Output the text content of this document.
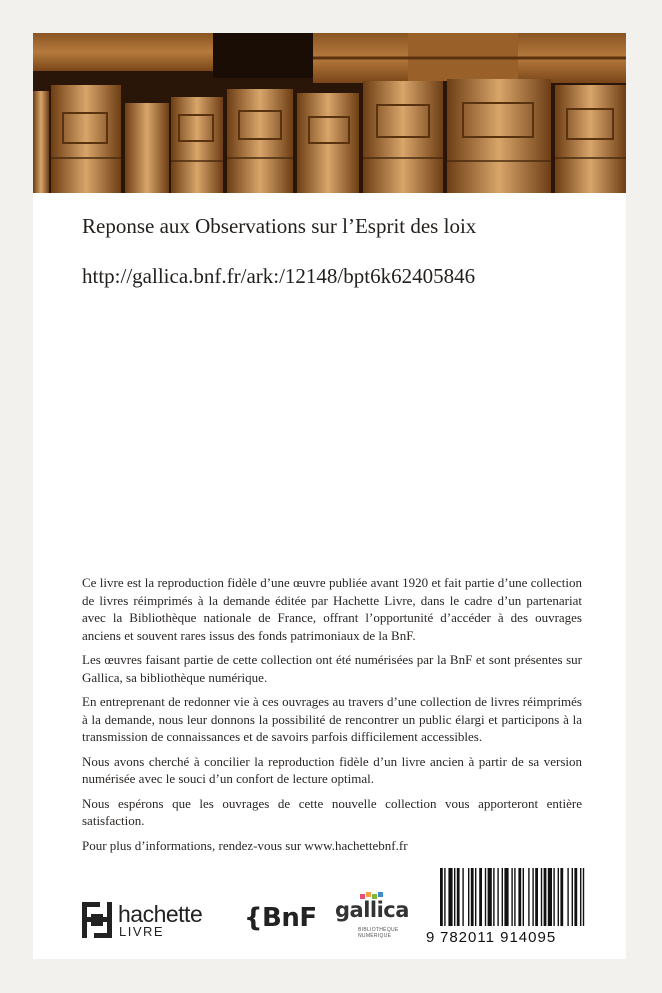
Reponse aux Observations sur l’Esprit des loix
http://gallica.bnf.fr/ark:/12148/bpt6k62405846

Ce livre est la reproduction fidèle d’une œuvre publiée avant 1920 et fait partie d’une collection de livres réimprimés à la demande éditée par Hachette Livre, dans le cadre d’un partenariat avec la Bibliothèque nationale de France, offrant l’opportunité d’accéder à des ouvrages anciens et souvent rares issus des fonds patrimoniaux de la BnF.

Les œuvres faisant partie de cette collection ont été numérisées par la BnF et sont présentes sur Gallica, sa bibliothèque numérique.

En entreprenant de redonner vie à ces ouvrages au travers d’une collection de livres réimprimés à la demande, nous leur donnons la possibilité de rencontrer un public élargi et participons à la transmission de connaissances et de savoirs parfois difficilement accessibles.

Nous avons cherché à concilier la reproduction fidèle d’un livre ancien à partir de sa version numérisée avec le souci d’un confort de lecture optimal.

Nous espérons que les ouvrages de cette nouvelle collection vous apporteront entière satisfaction.

Pour plus d’informations, rendez-vous sur www.hachettebnf.fr

hachette
LIVRE	{BnF gallica
BIBLIOTHÈQUE
NUMÉRIQUE	9 782011 914095
